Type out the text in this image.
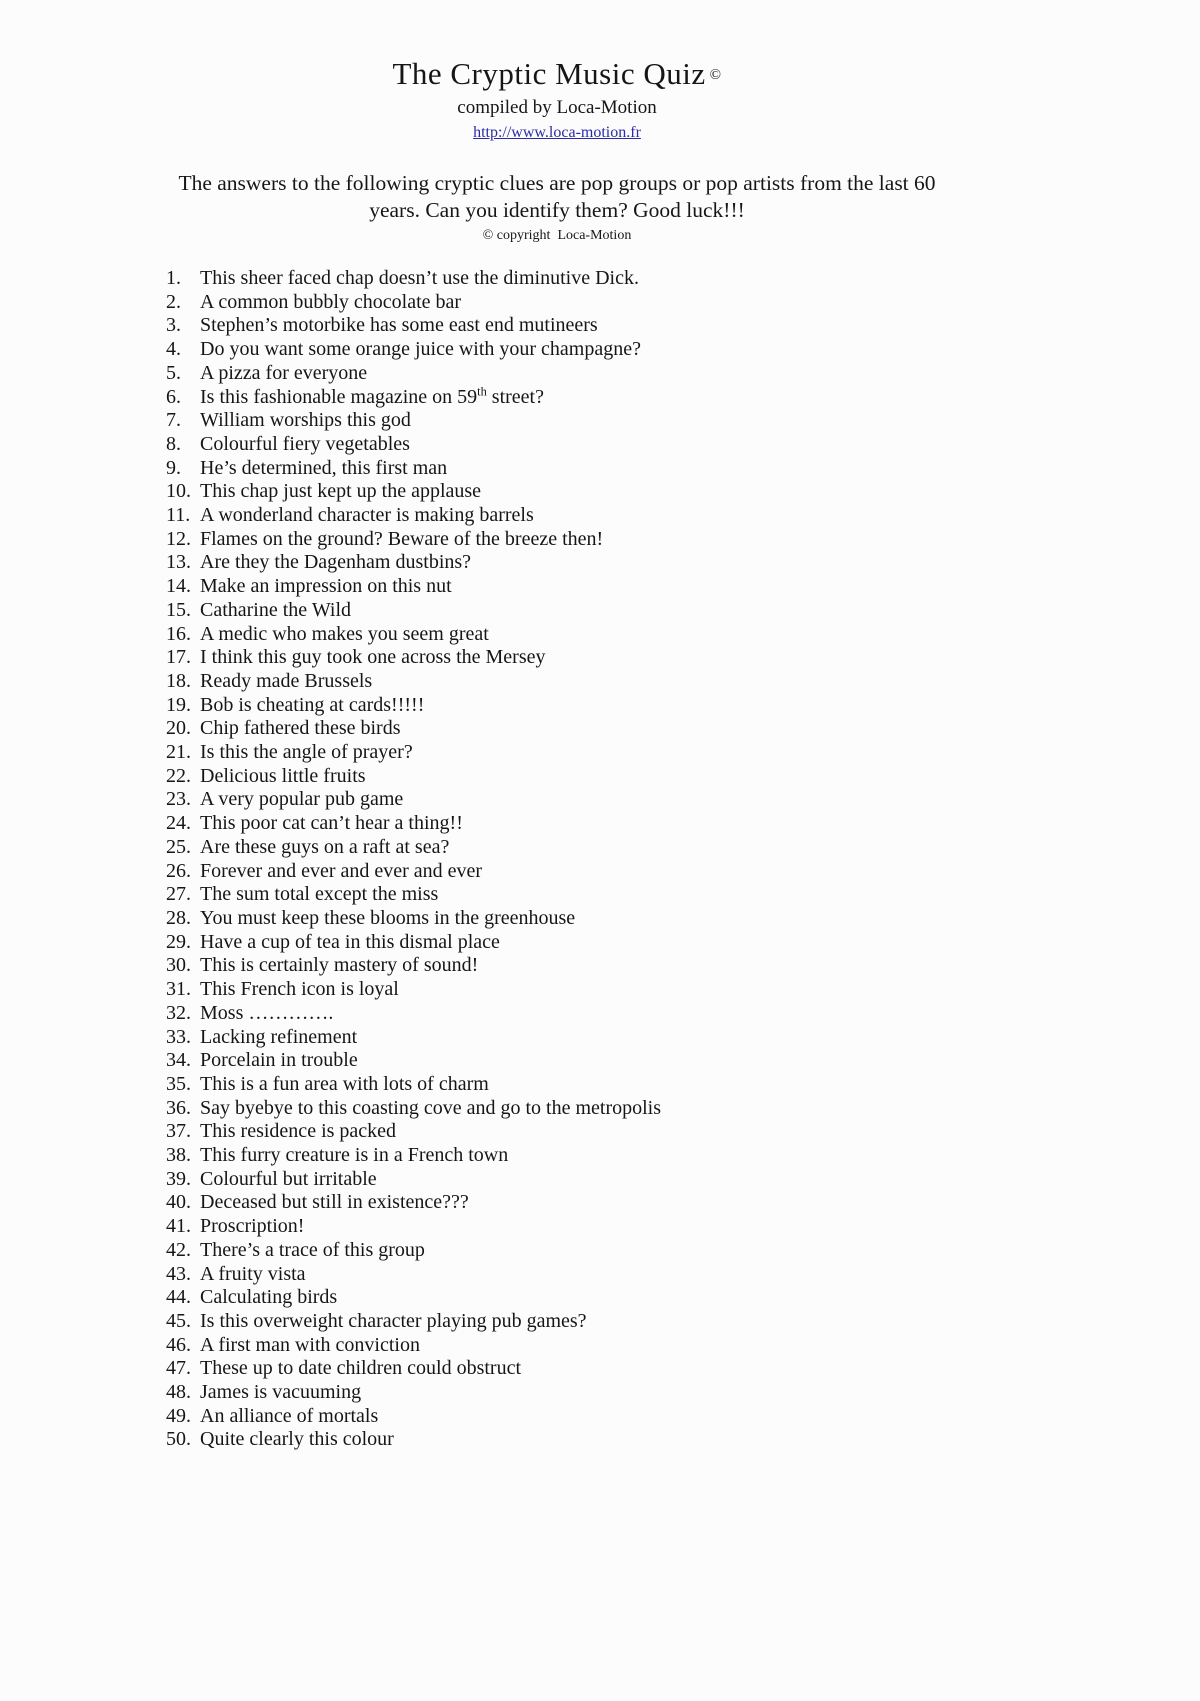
The Cryptic Music Quiz ©
compiled by Loca-Motion
http://www.loca-motion.fr
The answers to the following cryptic clues are pop groups or pop artists from the last 60
years. Can you identify them? Good luck!!!
© copyright  Loca-Motion
This sheer faced chap doesn’t use the diminutive Dick.
A common bubbly chocolate bar
Stephen’s motorbike has some east end mutineers
Do you want some orange juice with your champagne?
A pizza for everyone
Is this fashionable magazine on 59th street?
William worships this god
Colourful fiery vegetables
He’s determined, this first man
This chap just kept up the applause
A wonderland character is making barrels
Flames on the ground? Beware of the breeze then!
Are they the Dagenham dustbins?
Make an impression on this nut
Catharine the Wild
A medic who makes you seem great
I think this guy took one across the Mersey
Ready made Brussels
Bob is cheating at cards!!!!!
Chip fathered these birds
Is this the angle of prayer?
Delicious little fruits
A very popular pub game
This poor cat can’t hear a thing!!
Are these guys on a raft at sea?
Forever and ever and ever and ever
The sum total except the miss
You must keep these blooms in the greenhouse
Have a cup of tea in this dismal place
This is certainly mastery of sound!
This French icon is loyal
Moss ………….
Lacking refinement
Porcelain in trouble
This is a fun area with lots of charm
Say byebye to this coasting cove and go to the metropolis
This residence is packed
This furry creature is in a French town
Colourful but irritable
Deceased but still in existence???
Proscription!
There’s a trace of this group
A fruity vista
Calculating birds
Is this overweight character playing pub games?
A first man with conviction
These up to date children could obstruct
James is vacuuming
An alliance of mortals
Quite clearly this colour
